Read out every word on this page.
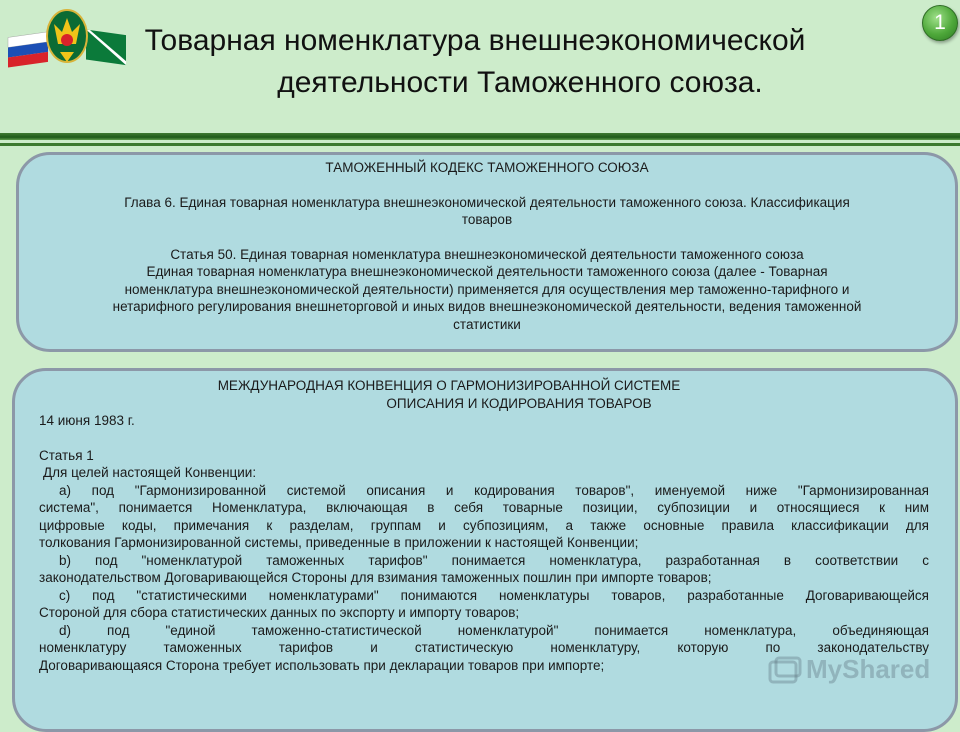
1
Товарная номенклатура внешнеэкономической
деятельности Таможенного союза.
ТАМОЖЕННЫЙ КОДЕКС ТАМОЖЕННОГО СОЮЗА
Глава 6. Единая товарная номенклатура внешнеэкономической деятельности таможенного союза. Классификация
товаров
Статья 50. Единая товарная номенклатура внешнеэкономической деятельности таможенного союза
Единая товарная номенклатура внешнеэкономической деятельности таможенного союза (далее - Товарная
номенклатура внешнеэкономической деятельности) применяется для осуществления мер таможенно-тарифного и
нетарифного регулирования внешнеторговой и иных видов внешнеэкономической деятельности, ведения таможенной
статистики
МЕЖДУНАРОДНАЯ КОНВЕНЦИЯ О ГАРМОНИЗИРОВАННОЙ СИСТЕМЕ
ОПИСАНИЯ И КОДИРОВАНИЯ ТОВАРОВ
14 июня 1983 г.
Статья 1
Для целей настоящей Конвенции:
a) под "Гармонизированной системой описания и кодирования товаров", именуемой ниже "Гармонизированная
система", понимается Номенклатура, включающая в себя товарные позиции, субпозиции и относящиеся к ним
цифровые коды, примечания к разделам, группам и субпозициям, а также основные правила классификации для
толкования Гармонизированной системы, приведенные в приложении к настоящей Конвенции;
b) под "номенклатурой таможенных тарифов" понимается номенклатура, разработанная в соответствии с
законодательством Договаривающейся Стороны для взимания таможенных пошлин при импорте товаров;
c) под "статистическими номенклатурами" понимаются номенклатуры товаров, разработанные Договаривающейся
Стороной для сбора статистических данных по экспорту и импорту товаров;
d) под "единой таможенно-статистической номенклатурой" понимается номенклатура, объединяющая
номенклатуру таможенных тарифов и статистическую номенклатуру, которую по законодательству
Договаривающаяся Сторона требует использовать при декларации товаров при импорте;	MyShared
